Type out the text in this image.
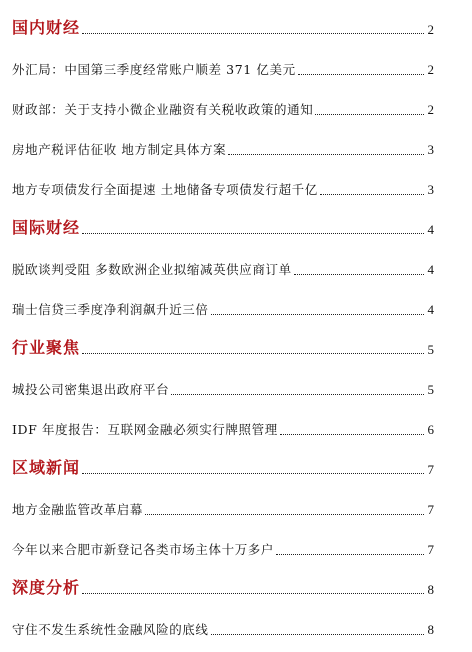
国内财经	2
外汇局：中国第三季度经常账户顺差 371 亿美元	2
财政部：关于支持小微企业融资有关税收政策的通知	2
房地产税评估征收 地方制定具体方案	3
地方专项债发行全面提速 土地储备专项债发行超千亿	3
国际财经	4
脱欧谈判受阻 多数欧洲企业拟缩减英供应商订单	4
瑞士信贷三季度净利润飙升近三倍	4
行业聚焦	5
城投公司密集退出政府平台	5
IDF 年度报告：互联网金融必须实行牌照管理	6
区域新闻	7
地方金融监管改革启幕	7
今年以来合肥市新登记各类市场主体十万多户	7
深度分析	8
守住不发生系统性金融风险的底线	8
